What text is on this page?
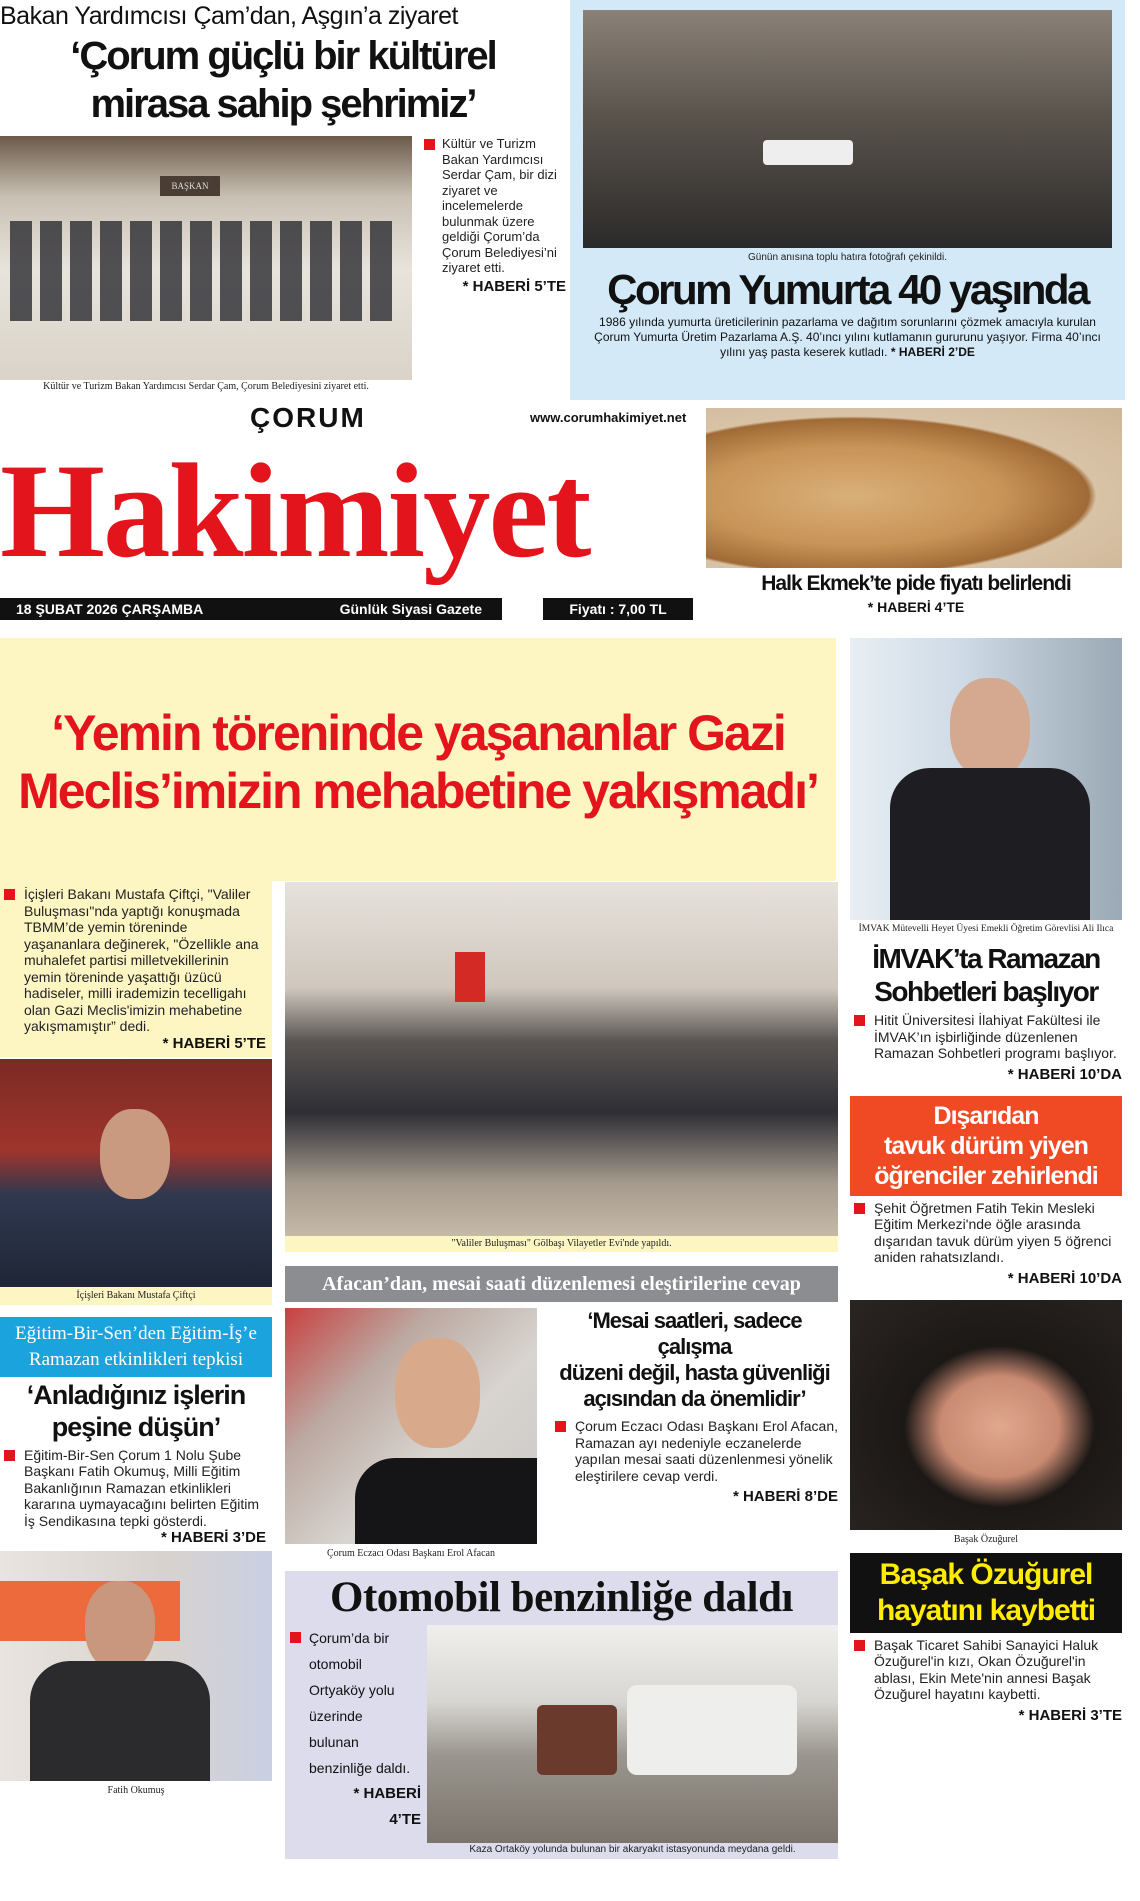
Bakan Yardımcısı Çam’dan, Aşgın’a ziyaret
‘Çorum güçlü bir kültürel
mirasa sahip şehrimiz’
BAŞKAN
Kültür ve Turizm Bakan Yardımcısı Serdar Çam, Çorum Belediyesini ziyaret etti.
Kültür ve Turizm Bakan Yardımcısı Serdar Çam, bir dizi ziyaret ve incelemelerde bulunmak üzere geldiği Çorum’da Çorum Belediyesi’ni ziyaret etti.
* HABERİ 5’TE
Günün anısına toplu hatıra fotoğrafı çekinildi.
Çorum Yumurta 40 yaşında
1986 yılında yumurta üreticilerinin pazarlama ve dağıtım sorunlarını çözmek amacıyla kurulan Çorum Yumurta Üretim Pazarlama A.Ş. 40’ıncı yılını kutlamanın gururunu yaşıyor. Firma 40’ıncı yılını yaş pasta keserek kutladı. * HABERİ 2’DE
ÇORUM	www.corumhakimiyet.net
Hakimiyet
18 ŞUBAT 2026 ÇARŞAMBA	Günlük Siyasi Gazete	Fiyatı : 7,00 TL
Halk Ekmek’te pide fiyatı belirlendi
* HABERİ 4’TE
‘Yemin töreninde yaşananlar Gazi
Meclis’imizin mehabetine yakışmadı’
İçişleri Bakanı Mustafa Çiftçi, "Valiler Buluşması"nda yaptığı konuşmada TBMM’de yemin töreninde yaşananlara değinerek, "Özellikle ana muhalefet partisi milletvekillerinin yemin töreninde yaşattığı üzücü hadiseler, milli irademizin tecelligahı olan Gazi Meclis'imizin mehabetine yakışmamıştır” dedi.
* HABERİ 5’TE
İçişleri Bakanı Mustafa Çiftçi
Eğitim-Bir-Sen’den Eğitim-İş’e
Ramazan etkinlikleri tepkisi
‘Anladığınız işlerin
peşine düşün’
Eğitim-Bir-Sen Çorum 1 Nolu Şube Başkanı Fatih Okumuş, Milli Eğitim Bakanlığının Ramazan etkinlikleri kararına uymayacağını belirten Eğitim İş Sendikasına tepki gösterdi.
* HABERİ 3’DE
Fatih Okumuş
"Valiler Buluşması" Gölbaşı Vilayetler Evi'nde yapıldı.
Afacan’dan, mesai saati düzenlemesi eleştirilerine cevap
Çorum Eczacı Odası Başkanı Erol Afacan
‘Mesai saatleri, sadece çalışma
düzeni değil, hasta güvenliği
açısından da önemlidir’
Çorum Eczacı Odası Başkanı Erol Afacan, Ramazan ayı nedeniyle eczanelerde yapılan mesai saati düzenlenmesi yönelik eleştirilere cevap verdi.
* HABERİ 8’DE
Otomobil benzinliğe daldı
Çorum’da bir
otomobil
Ortyaköy yolu
üzerinde
bulunan
benzinliğe daldı.
* HABERİ
4’TE
Kaza Ortaköy yolunda bulunan bir akaryakıt istasyonunda meydana geldi.
İMVAK Mütevelli Heyet Üyesi Emekli Öğretim Görevlisi Ali Ilıca
İMVAK’ta Ramazan
Sohbetleri başlıyor
Hitit Üniversitesi İlahiyat Fakültesi ile İMVAK’ın işbirliğinde düzenlenen Ramazan Sohbetleri programı başlıyor.
* HABERİ 10’DA
Dışarıdan
tavuk dürüm yiyen
öğrenciler zehirlendi
Şehit Öğretmen Fatih Tekin Mesleki Eğitim Merkezi'nde öğle arasında dışarıdan tavuk dürüm yiyen 5 öğrenci aniden rahatsızlandı.
* HABERİ 10’DA
Başak Özuğurel
Başak Özuğurel
hayatını kaybetti
Başak Ticaret Sahibi Sanayici Haluk Özuğurel'in kızı, Okan Özuğurel'in ablası, Ekin Mete'nin annesi Başak Özuğurel hayatını kaybetti.
* HABERİ 3’TE
